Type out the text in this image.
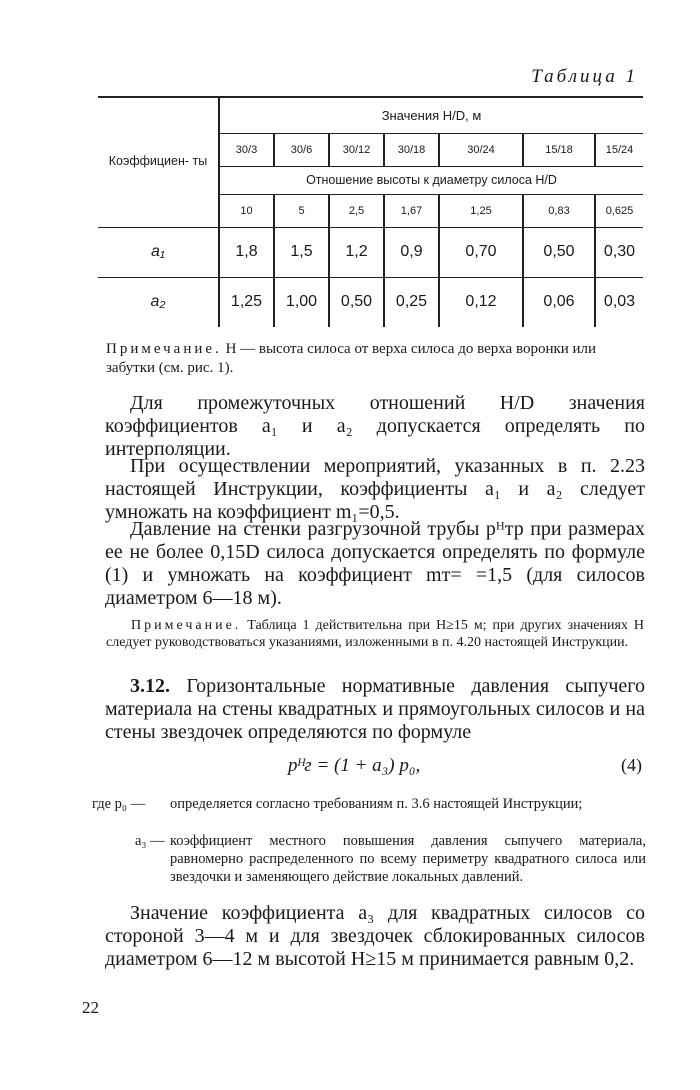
Таблица 1
Коэффициен- ты	Значения H/D, м						
	30/3	30/6	30/12	30/18	30/24	15/18	15/24
	Отношение высоты к диаметру силоса H/D						
	10	5	2,5	1,67	1,25	0,83	0,625
a₁	1,8	1,5	1,2	0,9	0,70	0,50	0,30
a₂	1,25	1,00	0,50	0,25	0,12	0,06	0,03
Примечание. H — высота силоса от верха силоса до верха воронки или забутки (см. рис. 1).
Для промежуточных отношений H/D значения коэффициентов a₁ и a₂ допускается определять по интерполяции.
При осуществлении мероприятий, указанных в п. 2.23 настоящей Инструкции, коэффициенты a₁ и a₂ следует умножать на коэффициент m₁=0,5.
Давление на стенки разгрузочной трубы pᴴтр при размерах ее не более 0,15D силоса допускается определять по формуле (1) и умножать на коэффициент mт= =1,5 (для силосов диаметром 6—18 м).
Примечание. Таблица 1 действительна при H≥15 м; при других значениях H следует руководствоваться указаниями, изложенными в п. 4.20 настоящей Инструкции.
3.12. Горизонтальные нормативные давления сыпучего материала на стены квадратных и прямоугольных силосов и на стены звездочек определяются по формуле
pᴴг = (1 + a₃) p₀,	(4)
где p₀ —	определяется согласно требованиям п. 3.6 настоящей Инструкции;
a₃ — коэффициент местного повышения давления сыпучего материала, равномерно распределенного по всему периметру квадратного силоса или звездочки и заменяющего действие локальных давлений.
Значение коэффициента a₃ для квадратных силосов со стороной 3—4 м и для звездочек сблокированных силосов диаметром 6—12 м высотой H≥15 м принимается равным 0,2.
22
